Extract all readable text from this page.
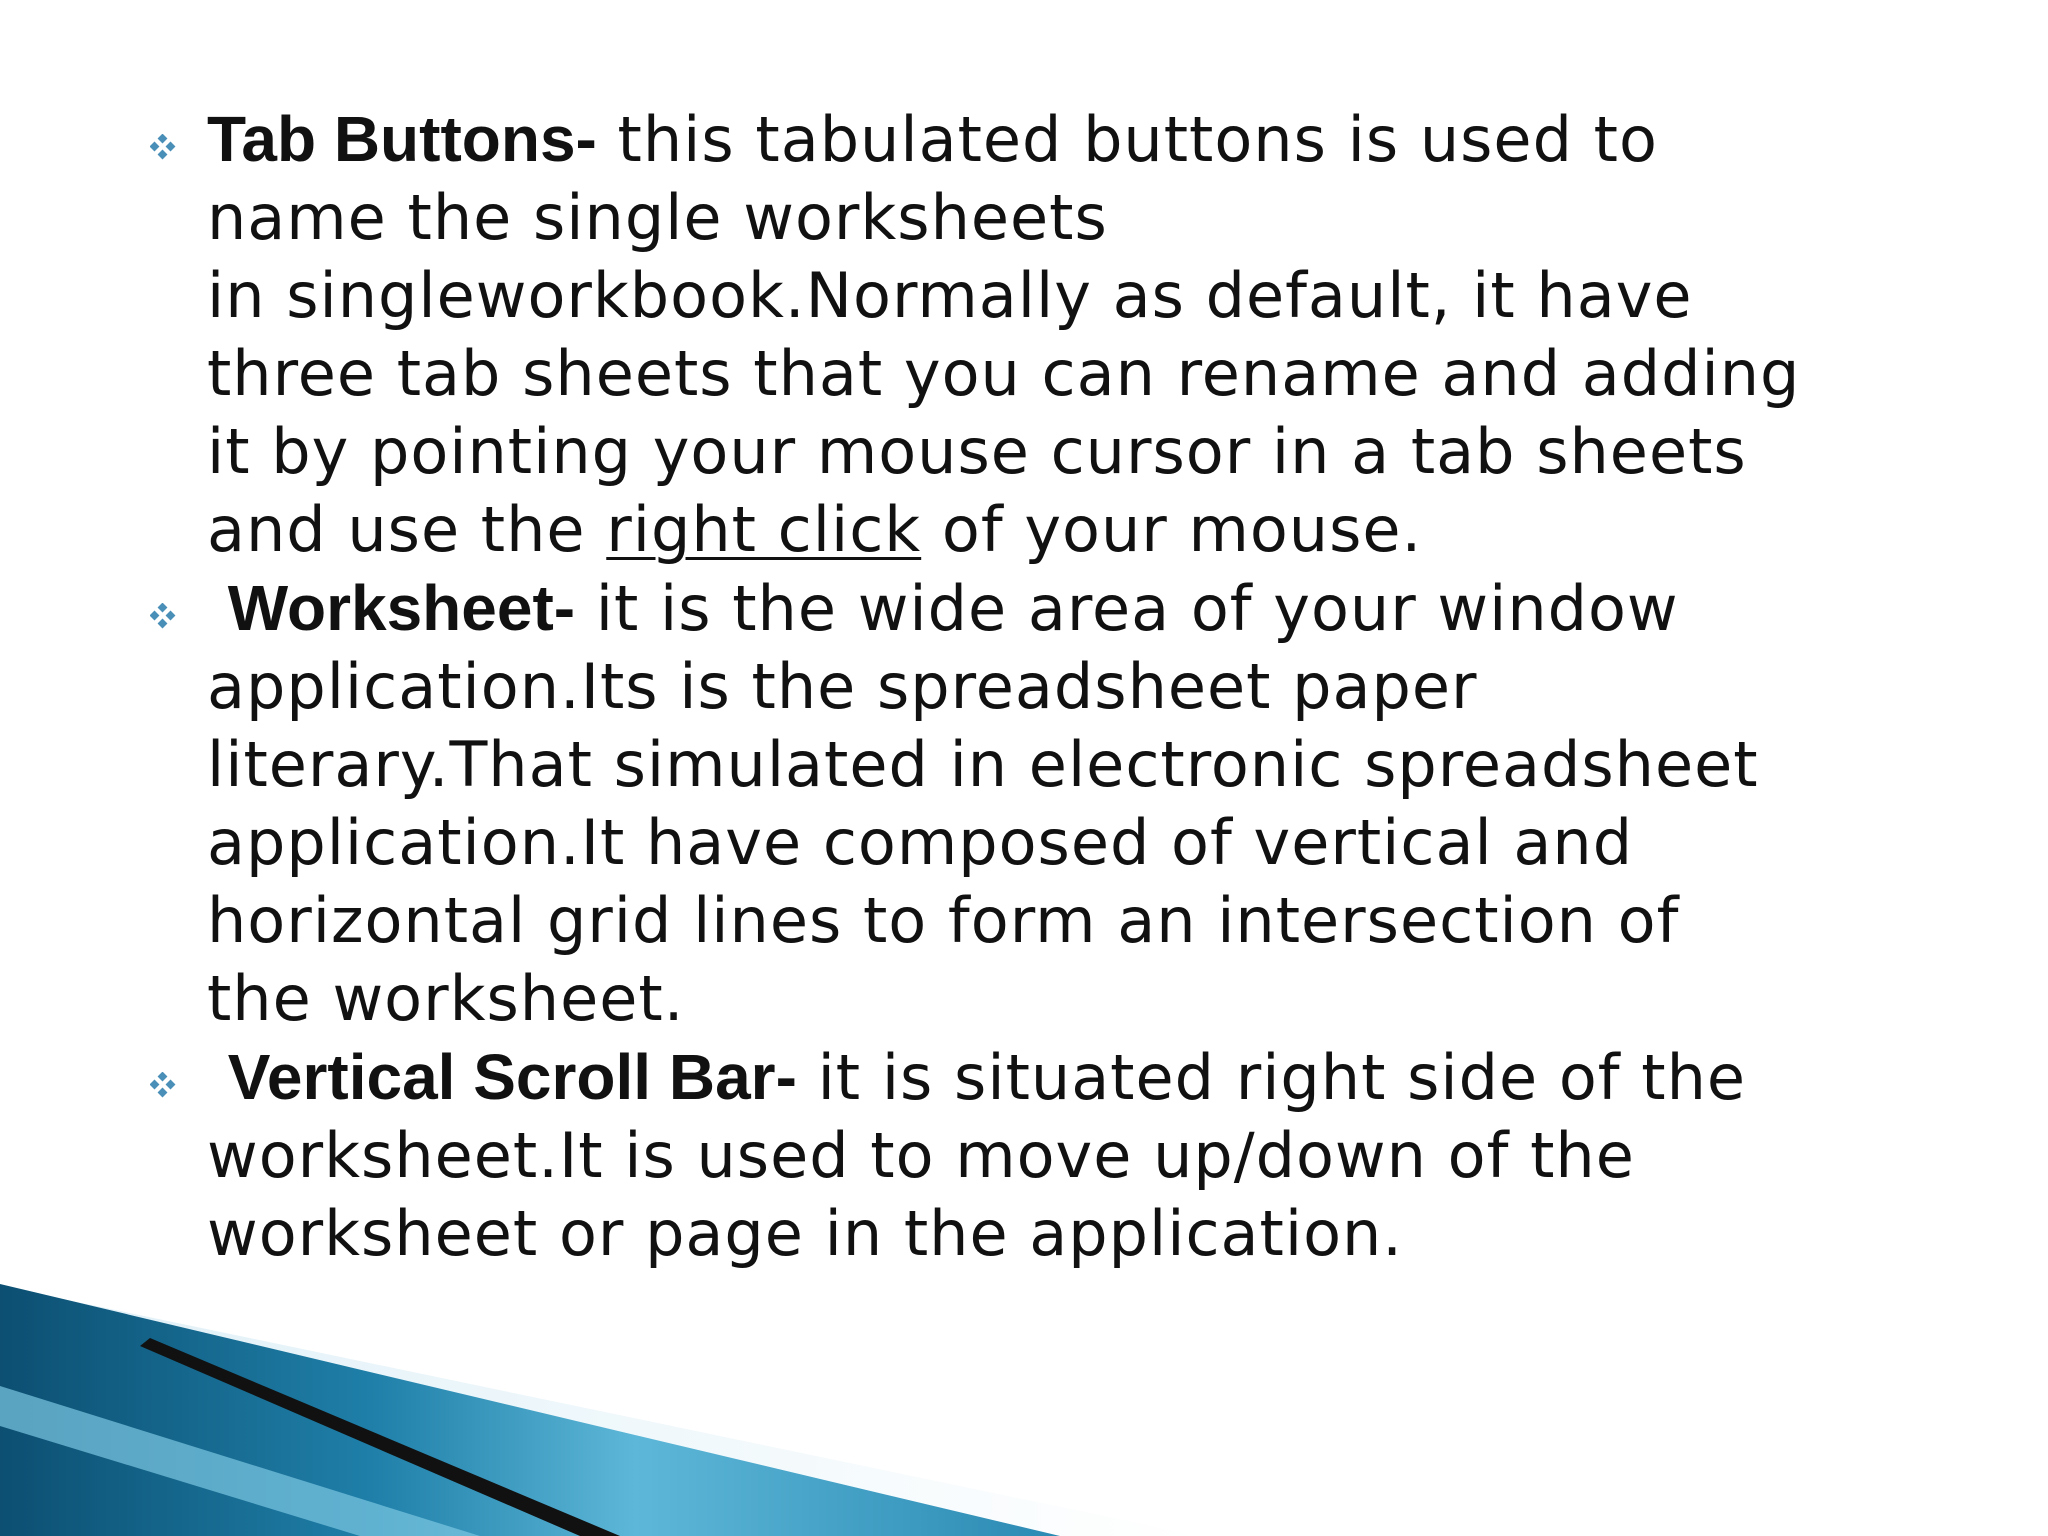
Tab Buttons- this tabulated buttons is used to
name the single worksheets
in singleworkbook.Normally as default, it have
three tab sheets that you can rename and adding
it by pointing your mouse cursor in a tab sheets
and use the right click of your mouse.
Worksheet- it is the wide area of your window
application.Its is the spreadsheet paper
literary.That simulated in electronic spreadsheet
application.It have composed of vertical and
horizontal grid lines to form an intersection of
the worksheet.
Vertical Scroll Bar- it is situated right side of the
worksheet.It is used to move up/down of the
worksheet or page in the application.
